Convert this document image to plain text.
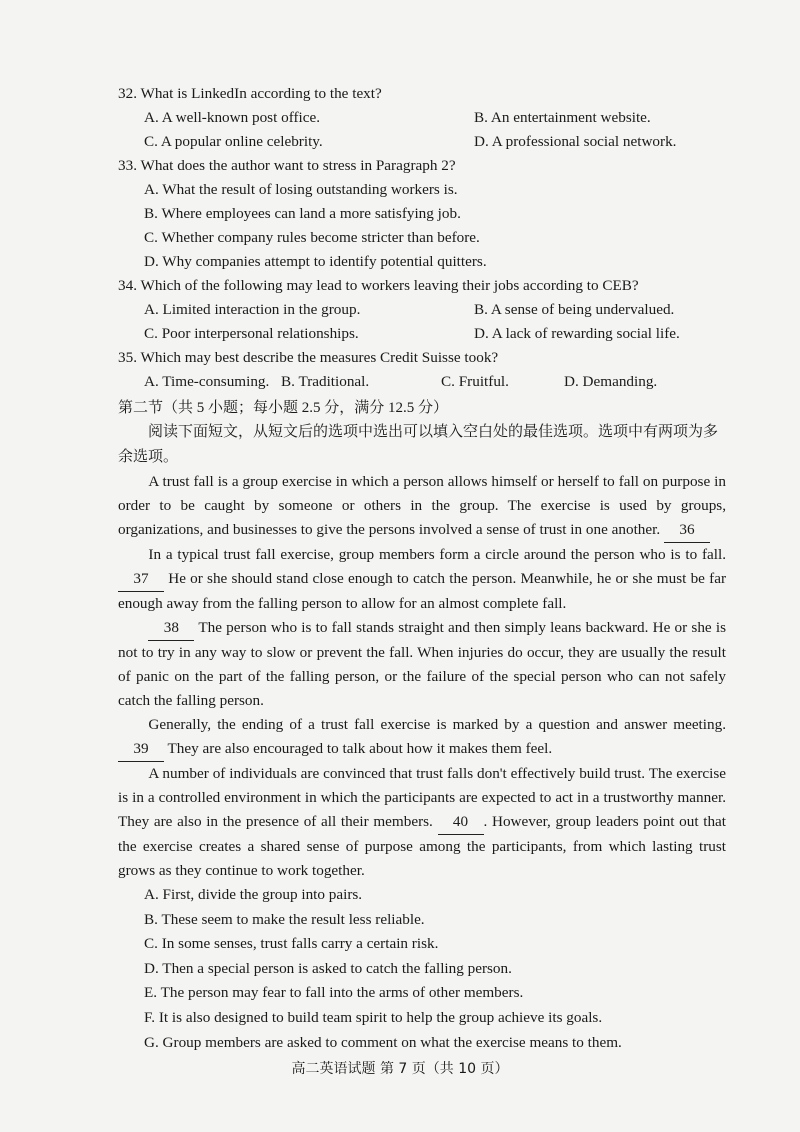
32. What is LinkedIn according to the text?

A. A well-known post office.	B. An entertainment website.
C. A popular online celebrity.	D. A professional social network.

33. What does the author want to stress in Paragraph 2?

A. What the result of losing outstanding workers is.
B. Where employees can land a more satisfying job.
C. Whether company rules become stricter than before.
D. Why companies attempt to identify potential quitters.

34. Which of the following may lead to workers leaving their jobs according to CEB?

A. Limited interaction in the group.	B. A sense of being undervalued.
C. Poor interpersonal relationships.	D. A lack of rewarding social life.

35. Which may best describe the measures Credit Suisse took?

A. Time-consuming. B. Traditional.	C. Fruitful.	D. Demanding.
第二节（共 5 小题；每小题 2.5 分，满分 12.5 分）

阅读下面短文，从短文后的选项中选出可以填入空白处的最佳选项。选项中有两项为多余选项。

A trust fall is a group exercise in which a person allows himself or herself to fall on purpose in order to be caught by someone or others in the group. The exercise is used by groups, organizations, and businesses to give the persons involved a sense of trust in one another. 36

In a typical trust fall exercise, group members form a circle around the person who is to fall. 37 He or she should stand close enough to catch the person. Meanwhile, he or she must be far enough away from the falling person to allow for an almost complete fall.

38 The person who is to fall stands straight and then simply leans backward. He or she is not to try in any way to slow or prevent the fall. When injuries do occur, they are usually the result of panic on the part of the falling person, or the failure of the special person who can not safely catch the falling person.

Generally, the ending of a trust fall exercise is marked by a question and answer meeting. 39 They are also encouraged to talk about how it makes them feel.

A number of individuals are convinced that trust falls don't effectively build trust. The exercise is in a controlled environment in which the participants are expected to act in a trustworthy manner. They are also in the presence of all their members. 40 . However, group leaders point out that the exercise creates a shared sense of purpose among the participants, from which lasting trust grows as they continue to work together.

A. First, divide the group into pairs.
B. These seem to make the result less reliable.
C. In some senses, trust falls carry a certain risk.
D. Then a special person is asked to catch the falling person.
E. The person may fear to fall into the arms of other members.
F. It is also designed to build team spirit to help the group achieve its goals.
G. Group members are asked to comment on what the exercise means to them.
高二英语试题 第 7 页（共 10 页）
